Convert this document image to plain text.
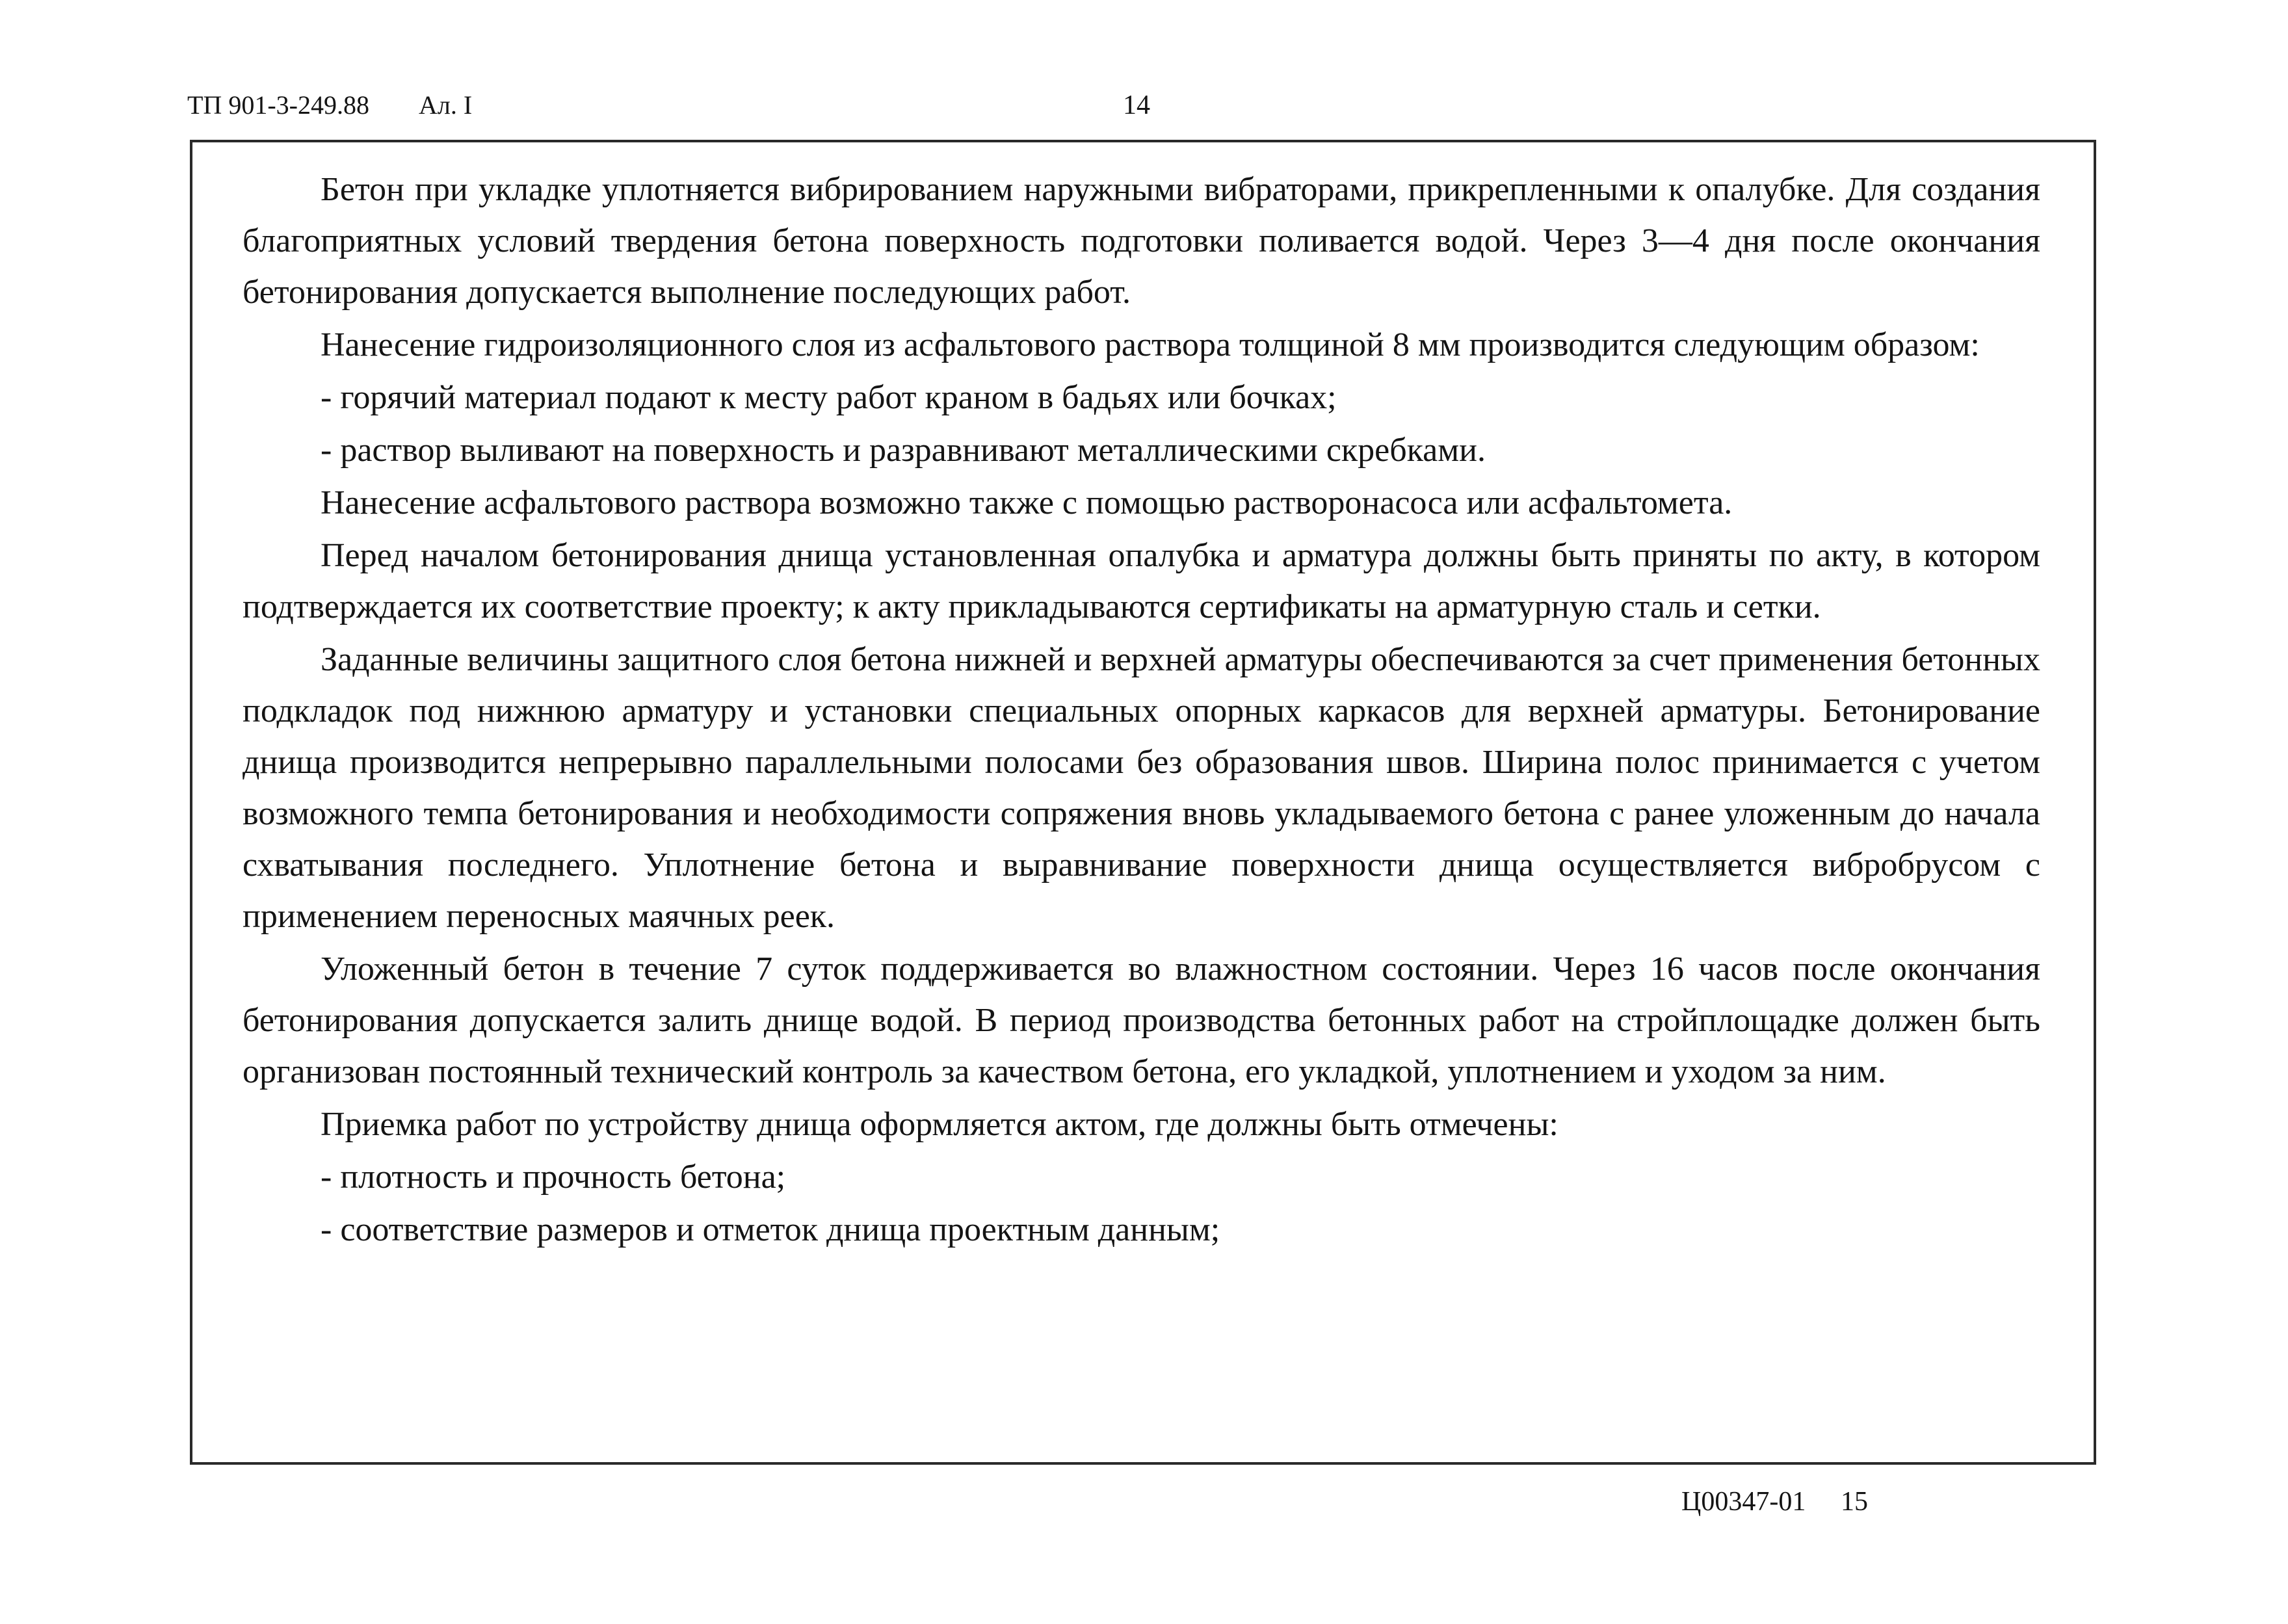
ТП 901-3-249.88 Ал. I	14

Бетон при укладке уплотняется вибрированием наружными вибраторами, прикрепленными к опалубке. Для создания благоприятных условий твердения бетона поверхность подготовки поливается водой. Через 3—4 дня после окончания бетонирования допускается выполнение последующих работ.

Нанесение гидроизоляционного слоя из асфальтового раствора толщиной 8 мм производится следующим образом:

- горячий материал подают к месту работ краном в бадьях или бочках;

- раствор выливают на поверхность и разравнивают металлическими скребками.

Нанесение асфальтового раствора возможно также с помощью растворонасоса или асфальтомета.

Перед началом бетонирования днища установленная опалубка и арматура должны быть приняты по акту, в котором подтверждается их соответствие проекту; к акту прикладываются сертификаты на арматурную сталь и сетки.

Заданные величины защитного слоя бетона нижней и верхней арматуры обеспечиваются за счет применения бетонных подкладок под нижнюю арматуру и установки специальных опорных каркасов для верхней арматуры. Бетонирование днища производится непрерывно параллельными полосами без образования швов. Ширина полос принимается с учетом возможного темпа бетонирования и необходимости сопряжения вновь укладываемого бетона с ранее уложенным до начала схватывания последнего. Уплотнение бетона и выравнивание поверхности днища осуществляется вибробрусом с применением переносных маячных реек.

Уложенный бетон в течение 7 суток поддерживается во влажностном состоянии. Через 16 часов после окончания бетонирования допускается залить днище водой. В период производства бетонных работ на стройплощадке должен быть организован постоянный технический контроль за качеством бетона, его укладкой, уплотнением и уходом за ним.

Приемка работ по устройству днища оформляется актом, где должны быть отмечены:

- плотность и прочность бетона;

- соответствие размеров и отметок днища проектным данным;

Ц00347-01 15
